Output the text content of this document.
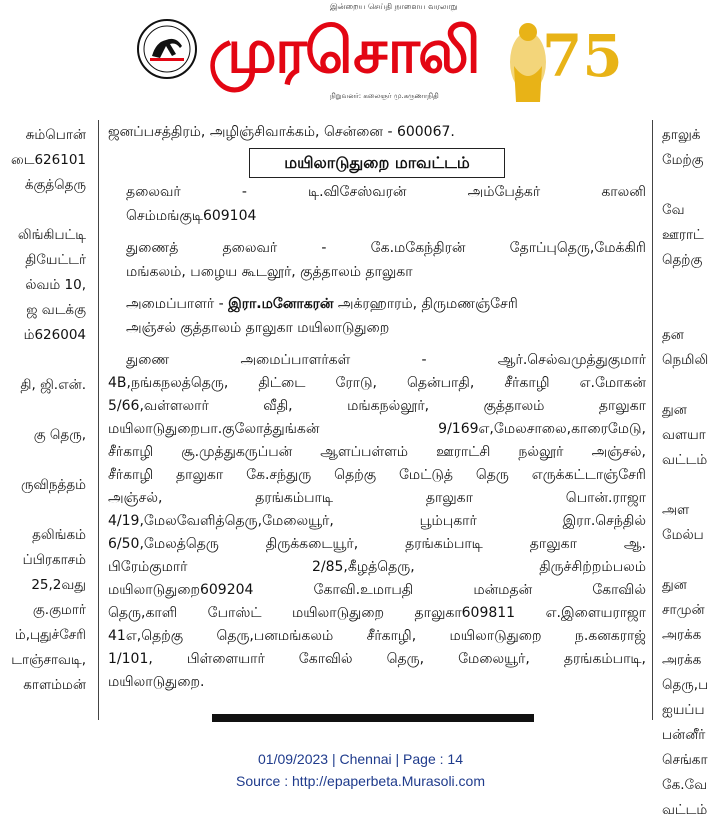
இன்றைய செய்தி நாளைய வரலாறு
முரசொலி
நிறுவனர்: கலைஞர் மு.கருணாநிதி
75
சும்பொன்
டை626101
க்குத்தெரு
லிங்கிபட்டி
தியேட்டர்
ல்வம் 10,
ஜ வடக்கு
ம்626004
தி, ஜி.என்.
கு தெரு,
ருவிநத்தம்
தலிங்கம்
ப்பிரகாசம்
25,2வது
கு.குமார்
ம்,புதுச்சேரி
டாஞ்சாவடி,
காளம்மன்
ஜனப்பசத்திரம், அழிஞ்சிவாக்கம், சென்னை - 600067.
மயிலாடுதுறை மாவட்டம்
தலைவர் - டி.விசேஸ்வரன் அம்பேத்கர் காலனி
செம்மங்குடி609104
துணைத் தலைவர் - கே.மகேந்திரன் தோப்புதெரு,மேக்கிரி
மங்கலம், பழைய கூடலூர், குத்தாலம் தாலுகா
அமைப்பாளர் - இரா.மனோகரன் அக்ரஹாரம், திருமணஞ்சேரி
அஞ்சல் குத்தாலம் தாலுகா மயிலாடுதுறை
துணை அமைப்பாளர்கள் - ஆர்.செல்வமுத்துகுமார்
4B,நங்கநலத்தெரு, திட்டை ரோடு, தென்பாதி, சீர்காழி எ.மோகன்
5/66,வள்ளலார் வீதி, மங்கநல்லூர், குத்தாலம் தாலுகா
மயிலாடுதுறைபா.குலோத்துங்கன் 9/169எ,மேலசாலை,காரைமேடு,
சீர்காழி சூ.முத்துகருப்பன் ஆளப்பள்ளம் ஊராட்சி நல்லூர் அஞ்சல்,
சீர்காழி தாலுகா கே.சந்துரு தெற்கு மேட்டுத் தெரு எருக்கட்டாஞ்சேரி
அஞ்சல், தரங்கம்பாடி தாலுகா பொன்.ராஜா
4/19,மேலவேளித்தெரு,மேலையூர், பூம்புகார் இரா.செந்தில்
6/50,மேலத்தெரு திருக்கடையூர், தரங்கம்பாடி தாலுகா ஆ.
பிரேம்குமார் 2/85,கீழத்தெரு, திருச்சிற்றம்பலம்
மயிலாடுதுறை609204 கோவி.உமாபதி மன்மதன் கோவில்
தெரு,காளி போஸ்ட் மயிலாடுதுறை தாலுகா609811 எ.இளையராஜா
41எ,தெற்கு தெரு,பனமங்கலம் சீர்காழி, மயிலாடுதுறை ந.கனகராஜ்
1/101, பிள்ளையார் கோவில் தெரு, மேலையூர், தரங்கம்பாடி,
மயிலாடுதுறை.
தாலுக்
மேற்கு
வே
ஊராட்
தெற்கு
தன
நெமிலி
துன
வளயா
வட்டம்
அள
மேல்ப
துன
சாமுன்
அரக்க
அரக்க
தெரு,ப
ஐயப்ப
பன்னீர்
செங்கா
கே.வே
வட்டம்
01/09/2023 | Chennai | Page : 14
Source : http://epaperbeta.Murasoli.com
